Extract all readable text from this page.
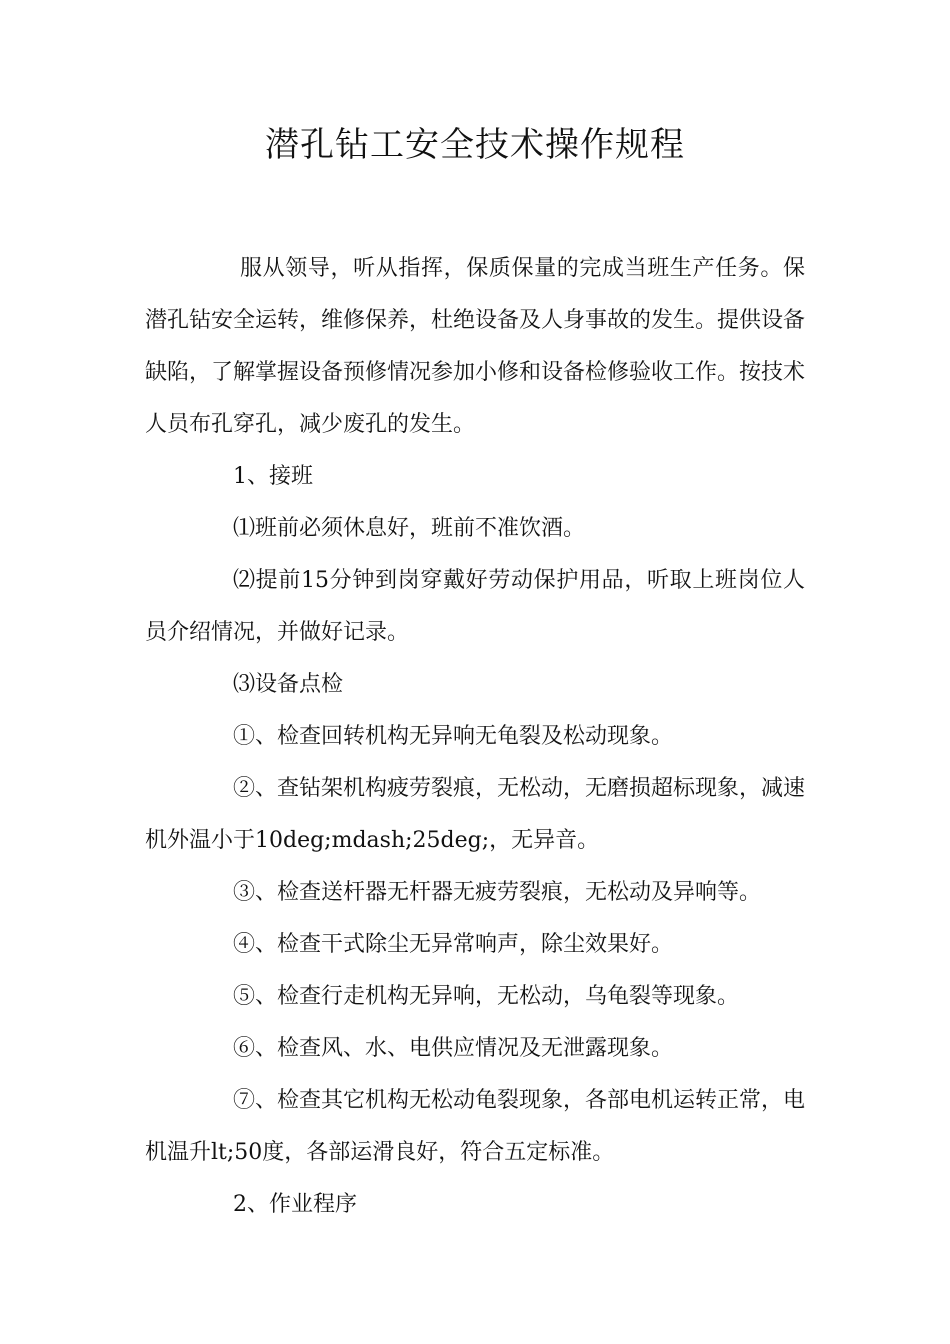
潜孔钻工安全技术操作规程

服从领导，听从指挥，保质保量的完成当班生产任务。保潜孔钻安全运转，维修保养，杜绝设备及人身事故的发生。提供设备缺陷，了解掌握设备预修情况参加小修和设备检修验收工作。按技术人员布孔穿孔，减少废孔的发生。

1、接班

⑴班前必须休息好，班前不准饮酒。

⑵提前15分钟到岗穿戴好劳动保护用品，听取上班岗位人员介绍情况，并做好记录。

⑶设备点检

①、检查回转机构无异响无龟裂及松动现象。

②、查钻架机构疲劳裂痕，无松动，无磨损超标现象，减速机外温小于10deg;mdash;25deg;，无异音。

③、检查送杆器无杆器无疲劳裂痕，无松动及异响等。

④、检查干式除尘无异常响声，除尘效果好。

⑤、检查行走机构无异响，无松动，乌龟裂等现象。

⑥、检查风、水、电供应情况及无泄露现象。

⑦、检查其它机构无松动龟裂现象，各部电机运转正常，电机温升lt;50度，各部运滑良好，符合五定标准。

2、作业程序
